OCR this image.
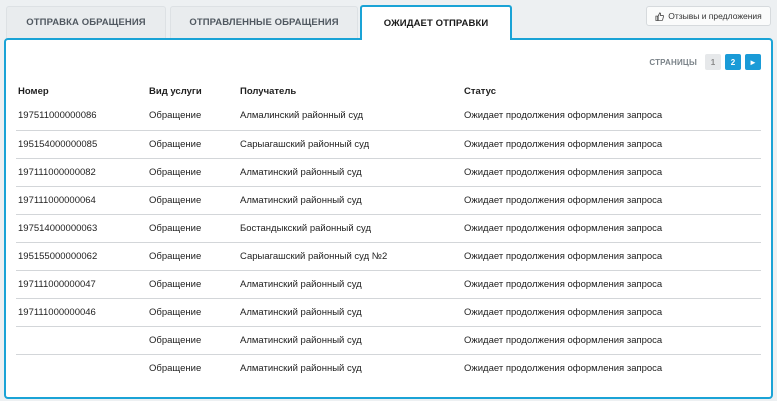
ОТПРАВКА ОБРАЩЕНИЯ	ОТПРАВЛЕННЫЕ ОБРАЩЕНИЯ	ОЖИДАЕТ ОТПРАВКИ
Отзывы и предложения
СТРАНИЦЫ	1	2	►
Номер	Вид услуги	Получатель	Статус
197511000000086	Обращение	Алмалинский районный суд	Ожидает продолжения оформления запроса
195154000000085	Обращение	Сарыагашский районный суд	Ожидает продолжения оформления запроса
197111000000082	Обращение	Алматинский районный суд	Ожидает продолжения оформления запроса
197111000000064	Обращение	Алматинский районный суд	Ожидает продолжения оформления запроса
197514000000063	Обращение	Бостандыкский районный суд	Ожидает продолжения оформления запроса
195155000000062	Обращение	Сарыагашский районный суд №2	Ожидает продолжения оформления запроса
197111000000047	Обращение	Алматинский районный суд	Ожидает продолжения оформления запроса
197111000000046	Обращение	Алматинский районный суд	Ожидает продолжения оформления запроса
	Обращение	Алматинский районный суд	Ожидает продолжения оформления запроса
	Обращение	Алматинский районный суд	Ожидает продолжения оформления запроса
